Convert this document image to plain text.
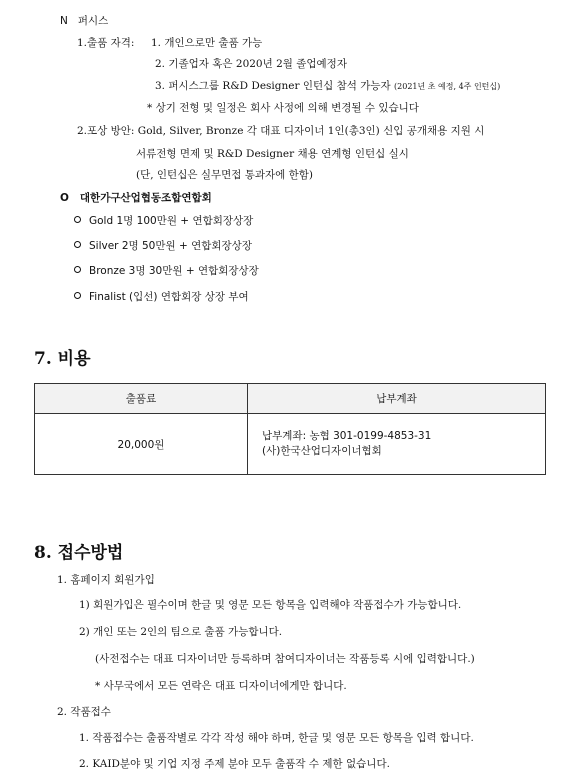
N 퍼시스
1.출품 자격: 1. 개인으로만 출품 가능
2. 기졸업자 혹은 2020년 2월 졸업예정자
3. 퍼시스그룹 R&D Designer 인턴십 참석 가능자 (2021년 초 예정, 4주 인턴십)
* 상기 전형 및 일정은 회사 사정에 의해 변경될 수 있습니다
2.포상 방안: Gold, Silver, Bronze 각 대표 디자이너 1인(총3인) 신입 공개채용 지원 시
서류전형 면제 및 R&D Designer 채용 연계형 인턴십 실시
(단, 인턴십은 실무면접 통과자에 한함)
O 대한가구산업협동조합연합회
Gold 1명 100만원 + 연합회장상장
Silver 2명 50만원 + 연합회장상장
Bronze 3명 30만원 + 연합회장상장
Finalist (입선) 연합회장 상장 부여
7. 비용
출품료	납부계좌
20,000원	납부계좌: 농협 301-0199-4853-31
(사)한국산업디자이너협회
8. 접수방법
1. 홈페이지 회원가입
1) 회원가입은 필수이며 한글 및 영문 모든 항목을 입력해야 작품접수가 가능합니다.
2) 개인 또는 2인의 팀으로 출품 가능합니다.
(사전접수는 대표 디자이너만 등록하며 참여디자이너는 작품등록 시에 입력합니다.)
* 사무국에서 모든 연락은 대표 디자이너에게만 합니다.
2. 작품접수
1. 작품접수는 출품작별로 각각 작성 해야 하며, 한글 및 영문 모든 항목을 입력 합니다.
2. KAID분야 및 기업 지정 주제 분야 모두 출품작 수 제한 없습니다.
